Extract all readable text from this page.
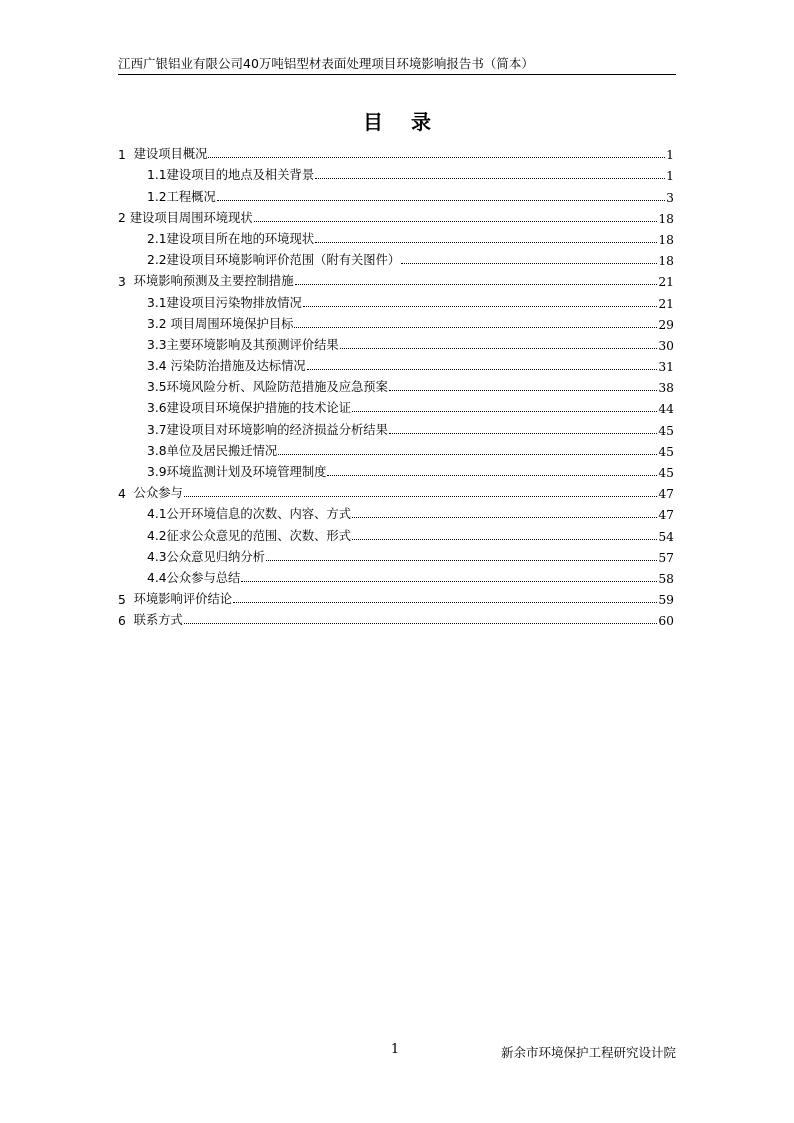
江西广银铝业有限公司40万吨铝型材表面处理项目环境影响报告书（简本）
目录
1 建设项目概况	1
1.1建设项目的地点及相关背景	1
1.2工程概况	3
2 建设项目周围环境现状	18
2.1建设项目所在地的环境现状	18
2.2建设项目环境影响评价范围（附有关图件）	18
3 环境影响预测及主要控制措施	21
3.1建设项目污染物排放情况	21
3.2 项目周围环境保护目标	29
3.3主要环境影响及其预测评价结果	30
3.4 污染防治措施及达标情况	31
3.5环境风险分析、风险防范措施及应急预案	38
3.6建设项目环境保护措施的技术论证	44
3.7建设项目对环境影响的经济损益分析结果	45
3.8单位及居民搬迁情况	45
3.9环境监测计划及环境管理制度	45
4 公众参与	47
4.1公开环境信息的次数、内容、方式	47
4.2征求公众意见的范围、次数、形式	54
4.3公众意见归纳分析	57
4.4公众参与总结	58
5 环境影响评价结论	59
6 联系方式	60
1	新余市环境保护工程研究设计院
